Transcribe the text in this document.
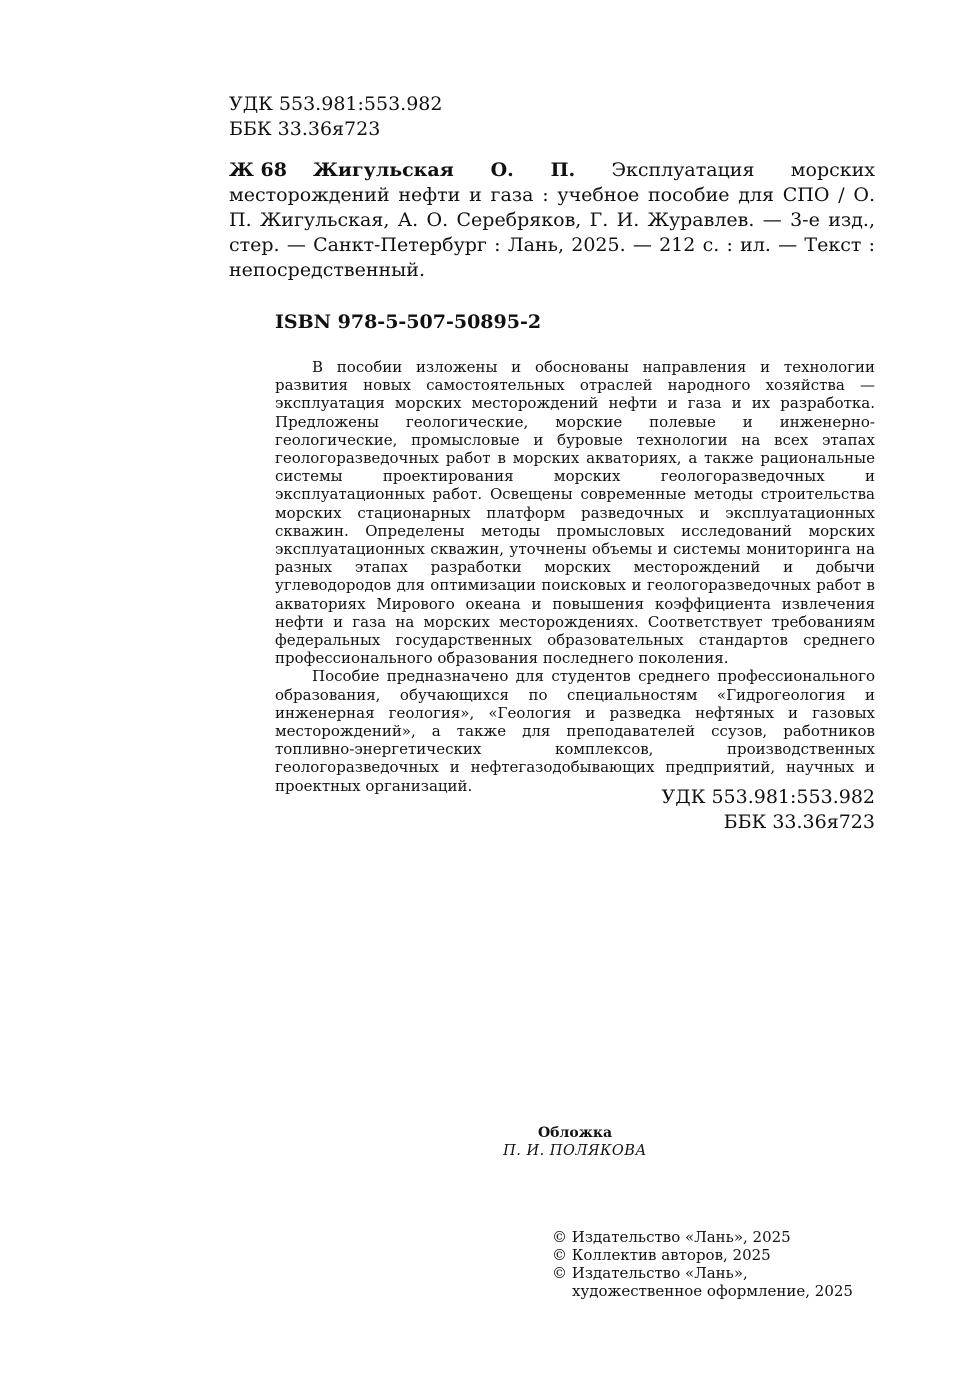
УДК 553.981:553.982
ББК 33.36я723
Ж 68	Жигульская О. П. Эксплуатация морских месторождений нефти и газа : учебное пособие для СПО / О. П. Жигульская, А. О. Серебряков, Г. И. Журавлев. — 3-е изд., стер. — Санкт-Петербург : Лань, 2025. — 212 с. : ил. — Текст : непосредственный.
ISBN 978-5-507-50895-2

В пособии изложены и обоснованы направления и технологии развития новых самостоятельных отраслей народного хозяйства — эксплуатация морских месторождений нефти и газа и их разработка. Предложены геологические, морские полевые и инженерно-геологические, промысловые и буровые технологии на всех этапах геологоразведочных работ в морских акваториях, а также рациональные системы проектирования морских геологоразведочных и эксплуатационных работ. Освещены современные методы строительства морских стационарных платформ разведочных и эксплуатационных скважин. Определены методы промысловых исследований морских эксплуатационных скважин, уточнены объемы и системы мониторинга на разных этапах разработки морских месторождений и добычи углеводородов для оптимизации поисковых и геологоразведочных работ в акваториях Мирового океана и повышения коэффициента извлечения нефти и газа на морских месторождениях. Соответствует требованиям федеральных государственных образовательных стандартов среднего профессионального образования последнего поколения.

Пособие предназначено для студентов среднего профессионального образования, обучающихся по специальностям «Гидрогеология и инженерная геология», «Геология и разведка нефтяных и газовых месторождений», а также для преподавателей ссузов, работников топливно-энергетических комплексов, производственных геологоразведочных и нефтегазодобывающих предприятий, научных и проектных организаций.

УДК 553.981:553.982
ББК 33.36я723
Обложка
П. И. ПОЛЯКОВА
© Издательство «Лань», 2025
© Коллектив авторов, 2025
© Издательство «Лань»,
художественное оформление, 2025
